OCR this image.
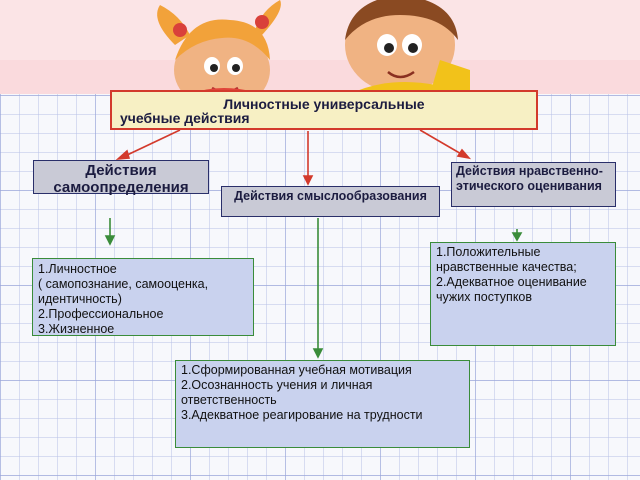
Личностные универсальные
учебные действия
Действия самоопределения	Действия смыслообразования
Действия нравственно-этического оценивания
1.Личностное
( самопознание, самооценка, идентичность)
2.Профессиональное
3.Жизненное
1.Положительные нравственные качества;
2.Адекватное оценивание чужих поступков
1.Сформированная учебная мотивация
2.Осознанность учения и личная ответственность
3.Адекватное реагирование на трудности
